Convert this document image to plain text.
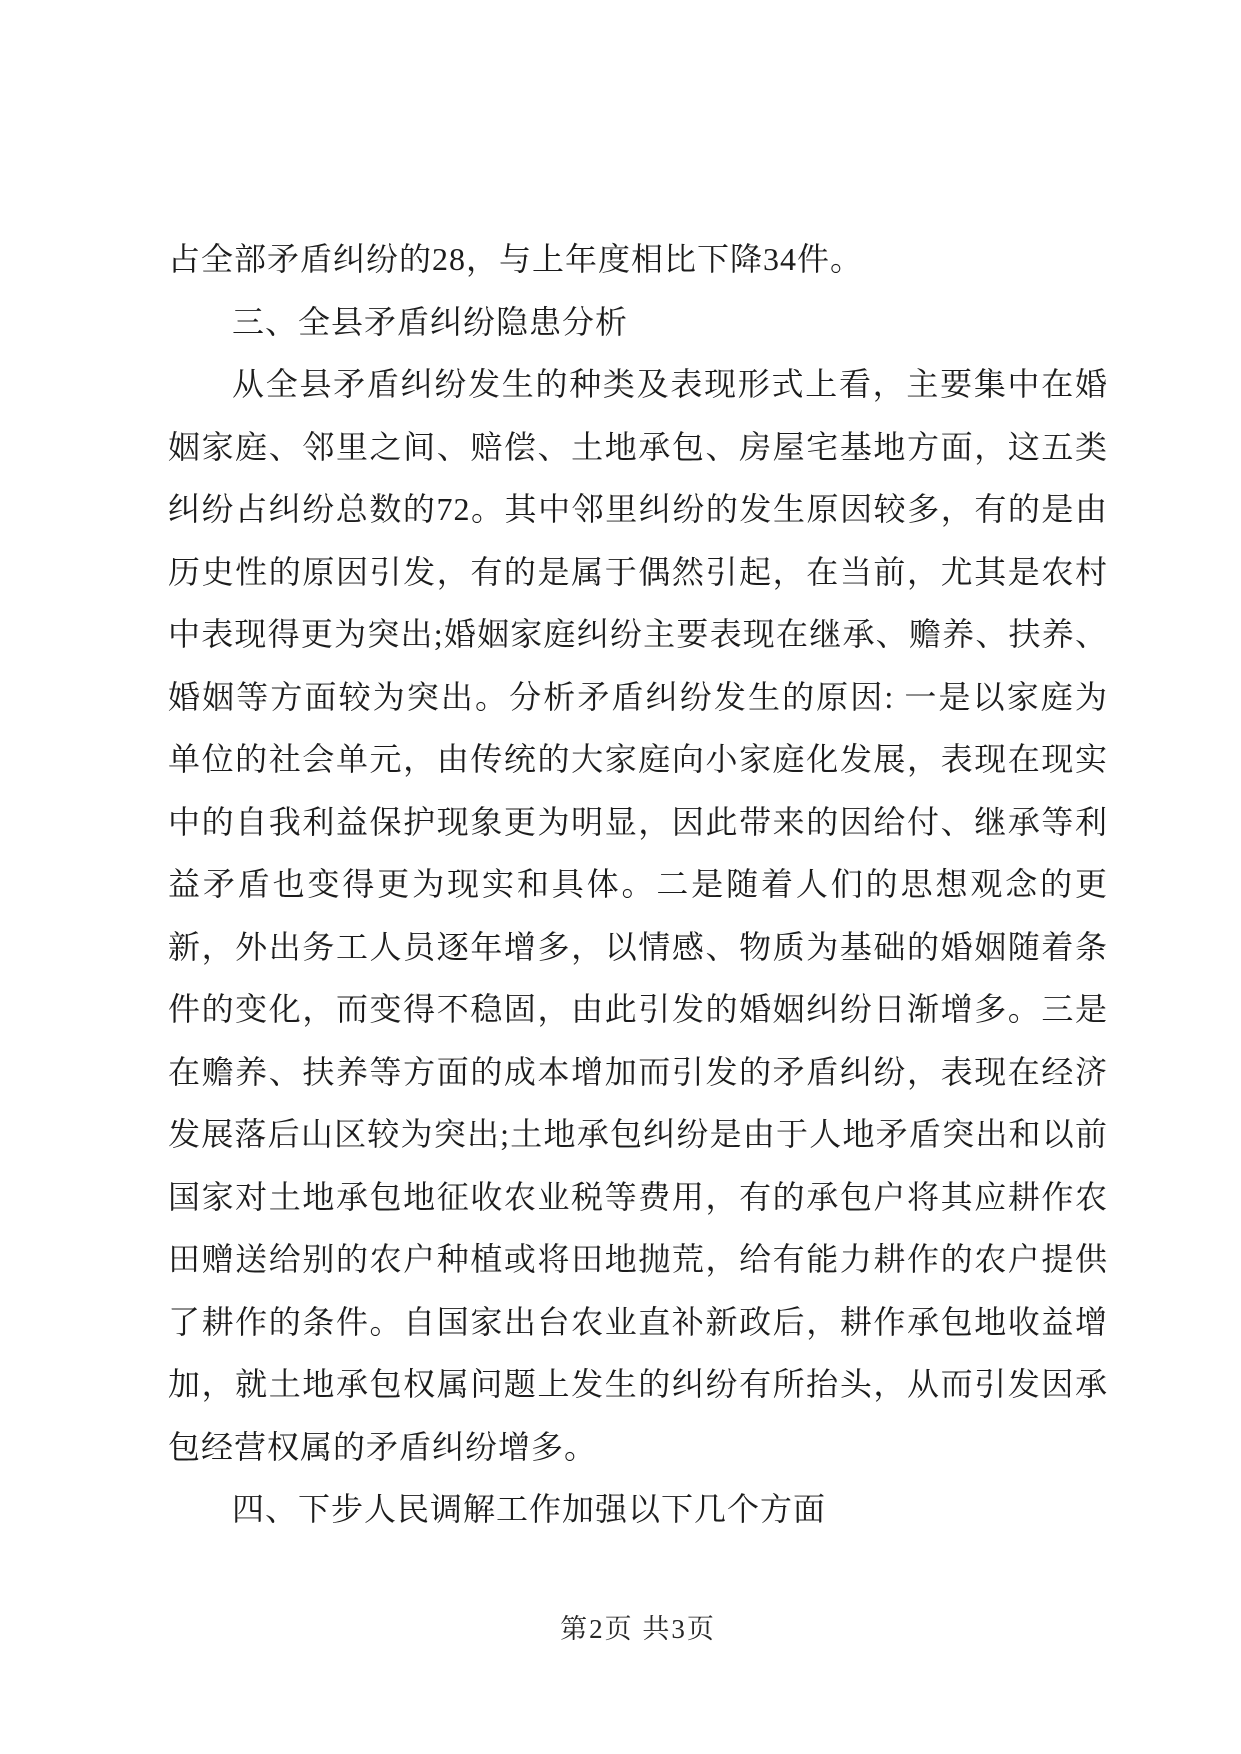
占全部矛盾纠纷的28，与上年度相比下降34件。

三、全县矛盾纠纷隐患分析

从全县矛盾纠纷发生的种类及表现形式上看，主要集中在婚姻家庭、邻里之间、赔偿、土地承包、房屋宅基地方面，这五类纠纷占纠纷总数的72。其中邻里纠纷的发生原因较多，有的是由历史性的原因引发，有的是属于偶然引起，在当前，尤其是农村中表现得更为突出;婚姻家庭纠纷主要表现在继承、赡养、扶养、婚姻等方面较为突出。分析矛盾纠纷发生的原因: 一是以家庭为单位的社会单元，由传统的大家庭向小家庭化发展，表现在现实中的自我利益保护现象更为明显，因此带来的因给付、继承等利益矛盾也变得更为现实和具体。二是随着人们的思想观念的更新，外出务工人员逐年增多，以情感、物质为基础的婚姻随着条件的变化，而变得不稳固，由此引发的婚姻纠纷日渐增多。三是在赡养、扶养等方面的成本增加而引发的矛盾纠纷，表现在经济发展落后山区较为突出;土地承包纠纷是由于人地矛盾突出和以前国家对土地承包地征收农业税等费用，有的承包户将其应耕作农田赠送给别的农户种植或将田地抛荒，给有能力耕作的农户提供了耕作的条件。自国家出台农业直补新政后，耕作承包地收益增加，就土地承包权属问题上发生的纠纷有所抬头，从而引发因承包经营权属的矛盾纠纷增多。

四、下步人民调解工作加强以下几个方面

第2页 共3页
